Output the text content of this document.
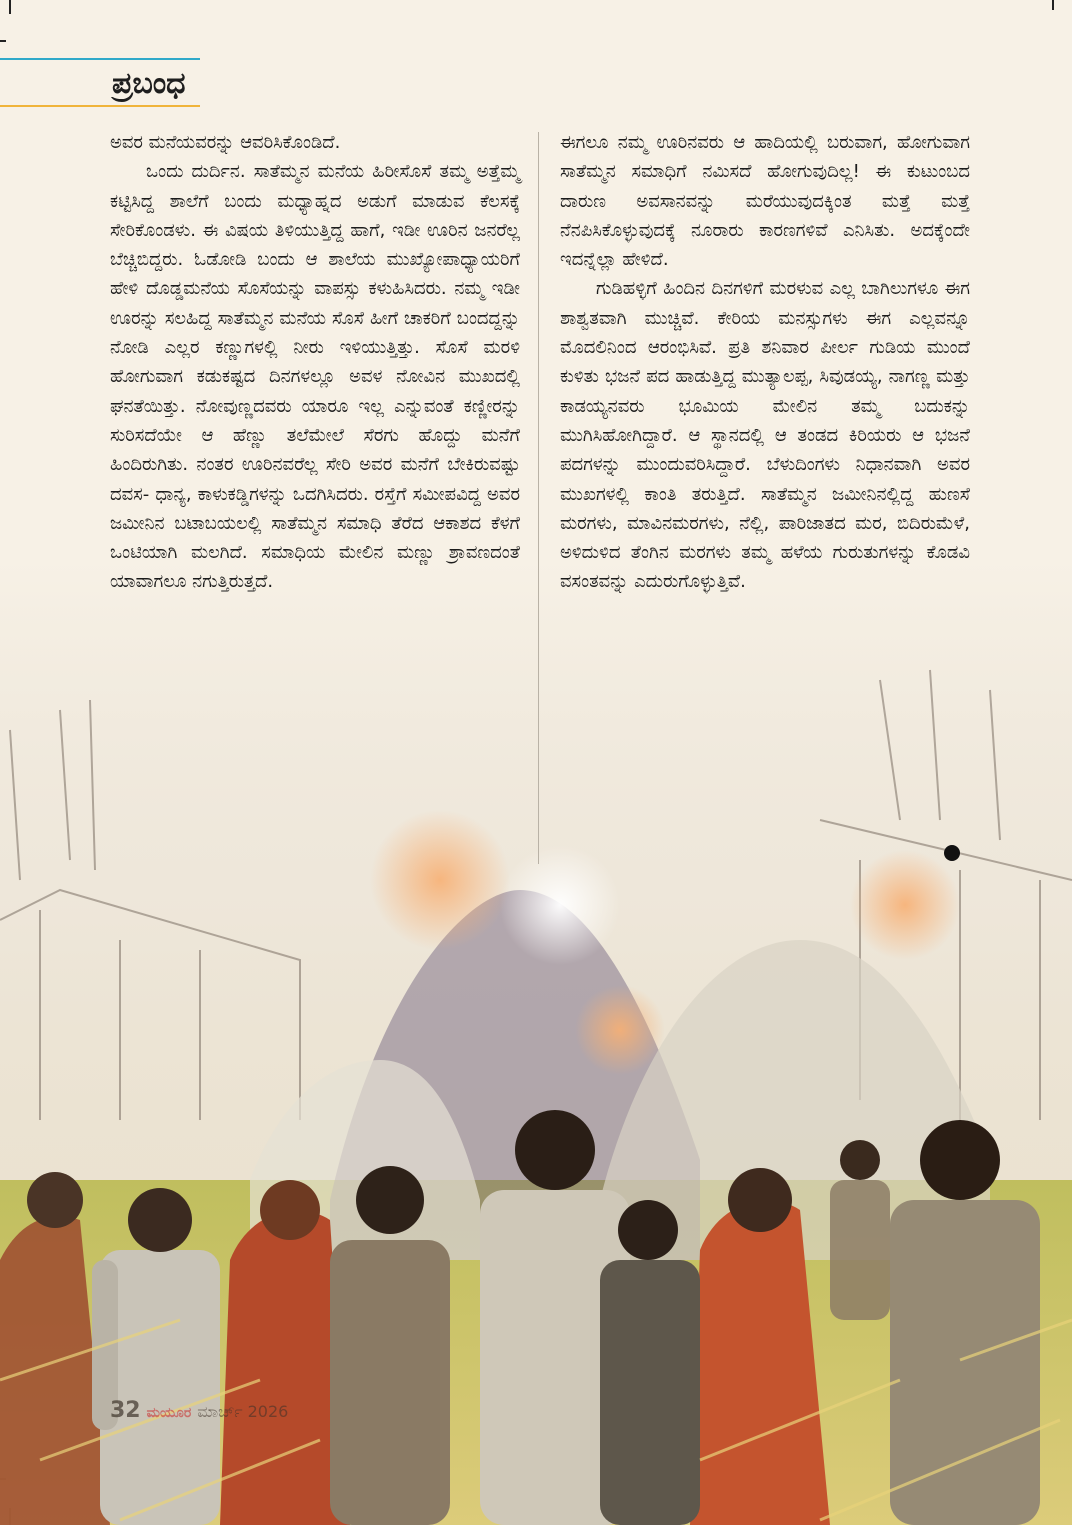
ಪ್ರಬಂಧ

ಅವರ ಮನೆಯವರನ್ನು ಆವರಿಸಿಕೊಂಡಿದೆ.

ಒಂದು ದುರ್ದಿನ. ಸಾತೆಮ್ಮನ ಮನೆಯ ಹಿರೀಸೊಸೆ ತಮ್ಮ ಅತ್ತೆಮ್ಮ ಕಟ್ಟಿಸಿದ್ದ ಶಾಲೆಗೆ ಬಂದು ಮಧ್ಯಾಹ್ನದ ಅಡುಗೆ ಮಾಡುವ ಕೆಲಸಕ್ಕೆ ಸೇರಿಕೊಂಡಳು. ಈ ವಿಷಯ ತಿಳಿಯುತ್ತಿದ್ದ ಹಾಗೆ, ಇಡೀ ಊರಿನ ಜನರೆಲ್ಲ ಬೆಚ್ಚಿಬಿದ್ದರು. ಓಡೋಡಿ ಬಂದು ಆ ಶಾಲೆಯ ಮುಖ್ಯೋಪಾಧ್ಯಾಯರಿಗೆ ಹೇಳಿ ದೊಡ್ಡಮನೆಯ ಸೊಸೆಯನ್ನು ವಾಪಸ್ಸು ಕಳುಹಿಸಿದರು. ನಮ್ಮ ಇಡೀ ಊರನ್ನು ಸಲಹಿದ್ದ ಸಾತೆಮ್ಮನ ಮನೆಯ ಸೊಸೆ ಹೀಗೆ ಚಾಕರಿಗೆ ಬಂದದ್ದನ್ನು ನೋಡಿ ಎಲ್ಲರ ಕಣ್ಣುಗಳಲ್ಲಿ ನೀರು ಇಳಿಯುತ್ತಿತ್ತು. ಸೊಸೆ ಮರಳಿ ಹೋಗುವಾಗ ಕಡುಕಷ್ಟದ ದಿನಗಳಲ್ಲೂ ಅವಳ ನೋವಿನ ಮುಖದಲ್ಲಿ ಘನತೆಯಿತ್ತು. ನೋವುಣ್ಣದವರು ಯಾರೂ ಇಲ್ಲ ಎನ್ನುವಂತೆ ಕಣ್ಣೀರನ್ನು ಸುರಿಸದೆಯೇ ಆ ಹೆಣ್ಣು ತಲೆಮೇಲೆ ಸೆರಗು ಹೊದ್ದು ಮನೆಗೆ ಹಿಂದಿರುಗಿತು. ನಂತರ ಊರಿನವರೆಲ್ಲ ಸೇರಿ ಅವರ ಮನೆಗೆ ಬೇಕಿರುವಷ್ಟು ದವಸ- ಧಾನ್ಯ, ಕಾಳುಕಡ್ಡಿಗಳನ್ನು ಒದಗಿಸಿದರು. ರಸ್ತೆಗೆ ಸಮೀಪವಿದ್ದ ಅವರ ಜಮೀನಿನ ಬಟಾಬಯಲಲ್ಲಿ ಸಾತೆಮ್ಮನ ಸಮಾಧಿ ತೆರೆದ ಆಕಾಶದ ಕೆಳಗೆ ಒಂಟಿಯಾಗಿ ಮಲಗಿದೆ. ಸಮಾಧಿಯ ಮೇಲಿನ ಮಣ್ಣು ಶ್ರಾವಣದಂತೆ ಯಾವಾಗಲೂ ನಗುತ್ತಿರುತ್ತದೆ.

ಈಗಲೂ ನಮ್ಮ ಊರಿನವರು ಆ ಹಾದಿಯಲ್ಲಿ ಬರುವಾಗ, ಹೋಗುವಾಗ ಸಾತೆಮ್ಮನ ಸಮಾಧಿಗೆ ನಮಿಸದೆ ಹೋಗುವುದಿಲ್ಲ! ಈ ಕುಟುಂಬದ ದಾರುಣ ಅವಸಾನವನ್ನು ಮರೆಯುವುದಕ್ಕಿಂತ ಮತ್ತೆ ಮತ್ತೆ ನೆನಪಿಸಿಕೊಳ್ಳುವುದಕ್ಕೆ ನೂರಾರು ಕಾರಣಗಳಿವೆ ಎನಿಸಿತು. ಅದಕ್ಕೆಂದೇ ಇದನ್ನೆಲ್ಲಾ ಹೇಳಿದೆ.

ಗುಡಿಹಳ್ಳಿಗೆ ಹಿಂದಿನ ದಿನಗಳಿಗೆ ಮರಳುವ ಎಲ್ಲ ಬಾಗಿಲುಗಳೂ ಈಗ ಶಾಶ್ವತವಾಗಿ ಮುಚ್ಚಿವೆ. ಕೇರಿಯ ಮನಸ್ಸುಗಳು ಈಗ ಎಲ್ಲವನ್ನೂ ಮೊದಲಿನಿಂದ ಆರಂಭಿಸಿವೆ. ಪ್ರತಿ ಶನಿವಾರ ಪೀರ್ಲ ಗುಡಿಯ ಮುಂದೆ ಕುಳಿತು ಭಜನೆ ಪದ ಹಾಡುತ್ತಿದ್ದ ಮುತ್ಯಾಲಪ್ಪ, ಸಿವುಡಯ್ಯ, ನಾಗಣ್ಣ ಮತ್ತು ಕಾಡಯ್ಯನವರು ಭೂಮಿಯ ಮೇಲಿನ ತಮ್ಮ ಬದುಕನ್ನು ಮುಗಿಸಿಹೋಗಿದ್ದಾರೆ. ಆ ಸ್ಥಾನದಲ್ಲಿ ಆ ತಂಡದ ಕಿರಿಯರು ಆ ಭಜನೆ ಪದಗಳನ್ನು ಮುಂದುವರಿಸಿದ್ದಾರೆ. ಬೆಳುದಿಂಗಳು ನಿಧಾನವಾಗಿ ಅವರ ಮುಖಗಳಲ್ಲಿ ಕಾಂತಿ ತರುತ್ತಿದೆ. ಸಾತೆಮ್ಮನ ಜಮೀನಿನಲ್ಲಿದ್ದ ಹುಣಸೆ ಮರಗಳು, ಮಾವಿನಮರಗಳು, ನೆಲ್ಲಿ, ಪಾರಿಜಾತದ ಮರ, ಬಿದಿರುಮೆಳೆ, ಅಳಿದುಳಿದ ತೆಂಗಿನ ಮರಗಳು ತಮ್ಮ ಹಳೆಯ ಗುರುತುಗಳನ್ನು ಕೊಡವಿ ವಸಂತವನ್ನು ಎದುರುಗೊಳ್ಳುತ್ತಿವೆ.

32 ಮಯೂರ ಮಾರ್ಚ್ 2026
